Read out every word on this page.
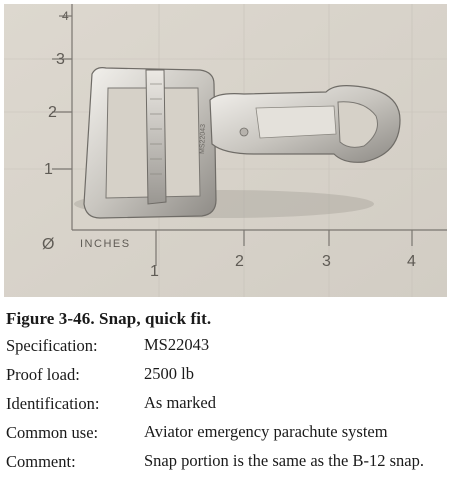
Ø
1
2	3	4
1
2
3
4
INCHES
MS22043
Figure 3-46. Snap, quick fit.
Specification:	MS22043
Proof load:	2500 lb
Identification:	As marked
Common use:	Aviator emergency parachute system
Comment:	Snap portion is the same as the B-12 snap.
